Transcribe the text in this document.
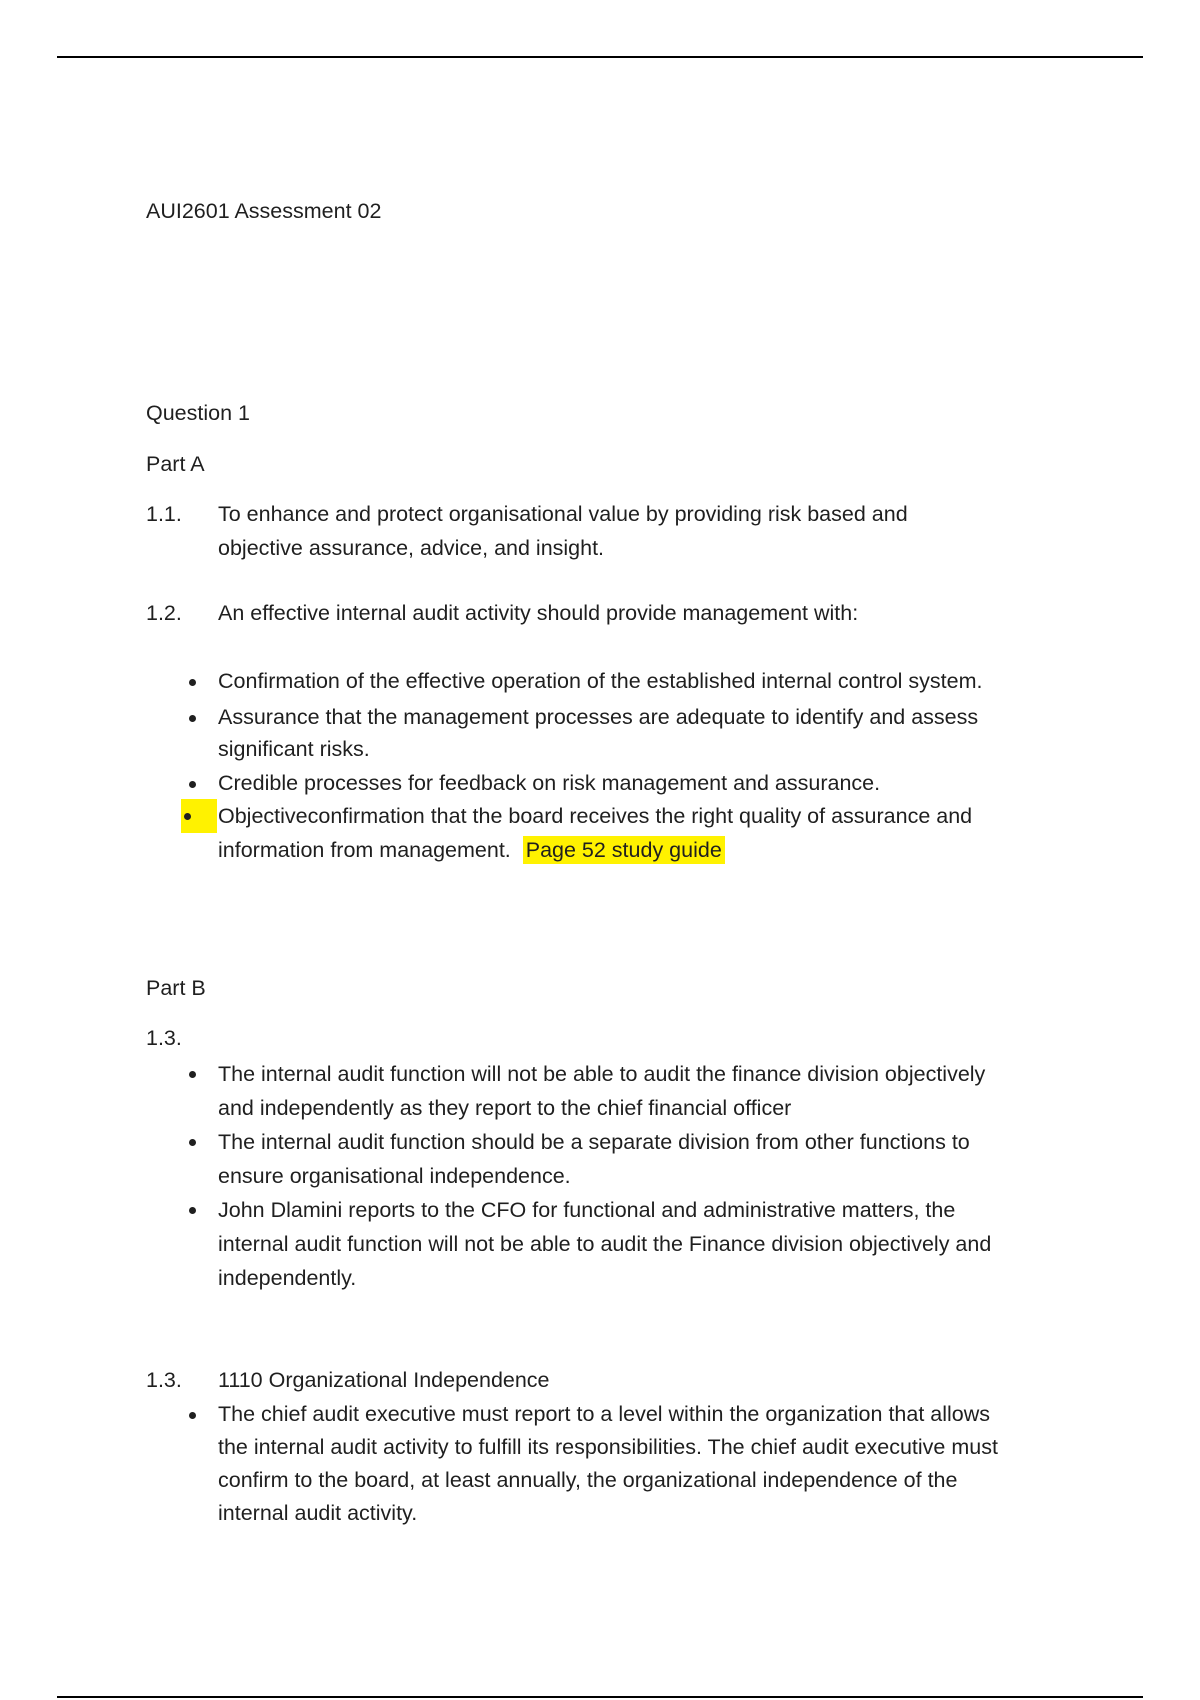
AUI2601 Assessment 02
Question 1
Part A
1.1.	To enhance and protect organisational value by providing risk based and objective assurance, advice, and insight.
1.2.	An effective internal audit activity should provide management with:
Confirmation of the effective operation of the established internal control system.
Assurance that the management processes are adequate to identify and assess significant risks.
Credible processes for feedback on risk management and assurance.
Objectiveconfirmation that the board receives the right quality of assurance and information from management. Page 52 study guide
Part B
1.3.
The internal audit function will not be able to audit the finance division objectively and independently as they report to the chief financial officer
The internal audit function should be a separate division from other functions to ensure organisational independence.
John Dlamini reports to the CFO for functional and administrative matters, the internal audit function will not be able to audit the Finance division objectively and independently.
1.3.	1110 Organizational Independence
The chief audit executive must report to a level within the organization that allows the internal audit activity to fulfill its responsibilities. The chief audit executive must confirm to the board, at least annually, the organizational independence of the internal audit activity.
